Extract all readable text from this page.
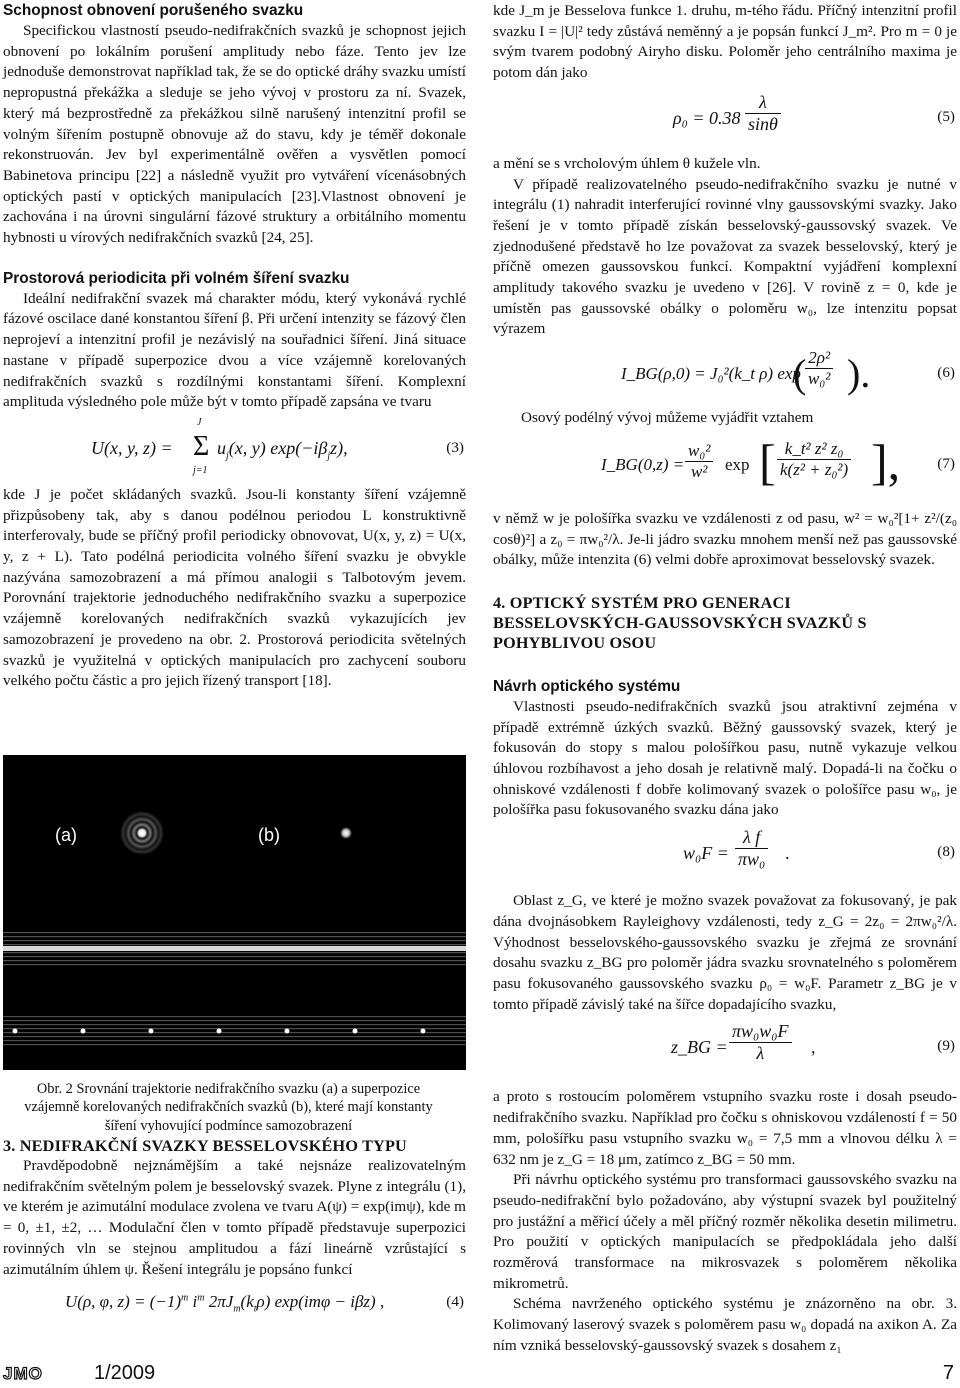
Schopnost obnovení porušeného svazku

Specifickou vlastností pseudo-nedifrakčních svazků je schopnost jejich obnovení po lokálním porušení amplitudy nebo fáze. Tento jev lze jednoduše demonstrovat například tak, že se do optické dráhy svazku umístí nepropustná překážka a sleduje se jeho vývoj v prostoru za ní. Svazek, který má bezprostředně za překážkou silně narušený intenzitní profil se volným šířením postupně obnovuje až do stavu, kdy je téměř dokonale rekonstruován. Jev byl experimentálně ověřen a vysvětlen pomocí Babinetova principu [22] a následně využit pro vytváření vícenásobných optických pastí v optických manipulacích [23].Vlastnost obnovení je zachována i na úrovni singulární fázové struktury a orbitálního momentu hybnosti u vírových nedifrakčních svazků [24, 25].

Prostorová periodicita při volném šíření svazku

Ideální nedifrakční svazek má charakter módu, který vykonává rychlé fázové oscilace dané konstantou šíření β. Při určení intenzity se fázový člen neprojeví a intenzitní profil je nezávislý na souřadnici šíření. Jiná situace nastane v případě superpozice dvou a více vzájemně korelovaných nedifrakčních svazků s rozdílnými konstantami šíření. Komplexní amplituda výsledného pole může být v tomto případě zapsána ve tvaru

U(x, y, z) =
J
Σ
j=1
$u_j(x$, y) $\exp(-i\beta_jz)$,	(3)

kde J je počet skládaných svazků. Jsou-li konstanty šíření vzájemně přizpůsobeny tak, aby s danou podélnou periodou L konstruktivně interferovaly, bude se příčný profil periodicky obnovovat, U(x, y, z) = U(x, y, z + L). Tato podélná periodicita volného šíření svazku je obvykle nazývána samozobrazení a má přímou analogii s Talbotovým jevem. Porovnání trajektorie jednoduchého nedifrakčního svazku a superpozice vzájemně korelovaných nedifrakčních svazků vykazujících jev samozobrazení je provedeno na obr. 2. Prostorová periodicita světelných svazků je využitelná v optických manipulacích pro zachycení souboru velkého počtu částic a pro jejich řízený transport [18].

(a)	(b)
Obr. 2 Srovnání trajektorie nedifrakčního svazku (a) a superpozice vzájemně korelovaných nedifrakčních svazků (b), které mají konstanty šíření vyhovující podmínce samozobrazení
3. NEDIFRAKČNÍ SVAZKY BESSELOVSKÉHO TYPU

Pravděpodobně nejznámějším a také nejsnáze realizovatelným nedifrakčním světelným polem je besselovský svazek. Plyne z integrálu (1), ve kterém je azimutální modulace zvolena ve tvaru A(ψ) = exp(imψ), kde m = 0, ±1, ±2, … Modulační člen v tomto případě představuje superpozici rovinných vln se stejnou amplitudou a fází lineárně vzrůstající s azimutálním úhlem ψ. Řešení integrálu je popsáno funkcí

U(ρ, φ, $z) = (-1)^m$ $i^m$ $2\pi J_m(k_t\rho) \exp(im\varphi - i\beta z)$ ,	(4)

kde J_m je Besselova funkce 1. druhu, m-tého řádu. Příčný intenzitní profil svazku I = |U|² tedy zůstává neměnný a je popsán funkcí J_m². Pro m = 0 je svým tvarem podobný Airyho disku. Poloměr jeho centrálního maxima je potom dán jako

$\rho_0 = 0.38 \frac{\lambda}{\sin\theta}$	(5)

a mění se s vrcholovým úhlem θ kužele vln.

V případě realizovatelného pseudo-nedifrakčního svazku je nutné v integrálu (1) nahradit interferující rovinné vlny gaussovskými svazky. Jako řešení je v tomto případě získán besselovský-gaussovský svazek. Ve zjednodušené představě ho lze považovat za svazek besselovský, který je příčně omezen gaussovskou funkcí. Kompaktní vyjádření komplexní amplitudy takového svazku je uvedeno v [26]. V rovině z = 0, kde je umístěn pas gaussovské obálky o poloměru w₀, lze intenzitu popsat výrazem

I_BG(ρ,0) = J₀²(k_t ρ) exp
(
$\frac{\text{2ρ²}}{\text{w₀²}}$ ).	(6)

Osový podélný vývoj můžeme vyjádřit vztahem

I_BG(0,z) = $\frac{\text{w₀²}}{\text{w²}}$ exp [ $\frac{\text{k\_t² z² z₀}}{\text{k(z² + z₀²)}}$ ], (7)

v němž w je pološířka svazku ve vzdálenosti z od pasu, w² = w₀²[1+ z²/(z₀ cosθ)²] a z₀ = πw₀²/λ. Je-li jádro svazku mnohem menší než pas gaussovské obálky, může intenzita (6) velmi dobře aproximovat besselovský svazek.

4. OPTICKÝ SYSTÉM PRO GENERACI BESSELOVSKÝCH-GAUSSOVSKÝCH SVAZKŮ S POHYBLIVOU OSOU
Návrh optického systému

Vlastnosti pseudo-nedifrakčních svazků jsou atraktivní zejména v případě extrémně úzkých svazků. Běžný gaussovský svazek, který je fokusován do stopy s malou pološířkou pasu, nutně vykazuje velkou úhlovou rozbíhavost a jeho dosah je relativně malý. Dopadá-li na čočku o ohniskové vzdálenosti f dobře kolimovaný svazek o pološířce pasu w₀, je pološířka pasu fokusovaného svazku dána jako

$w_0F = \frac{\text{λ f}}{\text{πw₀}}$ .	(8)

Oblast z_G, ve které je možno svazek považovat za fokusovaný, je pak dána dvojnásobkem Rayleighovy vzdálenosti, tedy z_G = 2z₀ = 2πw₀²/λ. Výhodnost besselovského-gaussovského svazku je zřejmá ze srovnání dosahu svazku z_BG pro poloměr jádra svazku srovnatelného s poloměrem pasu fokusovaného gaussovského svazku ρ₀ = w₀F. Parametr z_BG je v tomto případě závislý také na šířce dopadajícího svazku,

z_BG = $\frac{\text{πw₀w₀F}}{\lambda}$ ,	(9)

a proto s rostoucím poloměrem vstupního svazku roste i dosah pseudo-nedifrakčního svazku. Například pro čočku s ohniskovou vzdáleností f = 50 mm, pološířku pasu vstupního svazku w₀ = 7,5 mm a vlnovou délku λ = 632 nm je z_G = 18 μm, zatímco z_BG = 50 mm.

Při návrhu optického systému pro transformaci gaussovského svazku na pseudo-nedifrakční bylo požadováno, aby výstupní svazek byl použitelný pro justážní a měřicí účely a měl příčný rozměr několika desetin milimetru. Pro použití v optických manipulacích se předpokládala jeho další rozměrová transformace na mikrosvazek s poloměrem několika mikrometrů.

Schéma navrženého optického systému je znázorněno na obr. 3. Kolimovaný laserový svazek s poloměrem pasu w₀ dopadá na axikon A. Za ním vzniká besselovský-gaussovský svazek s dosahem z₁

JMO	1/2009	7
